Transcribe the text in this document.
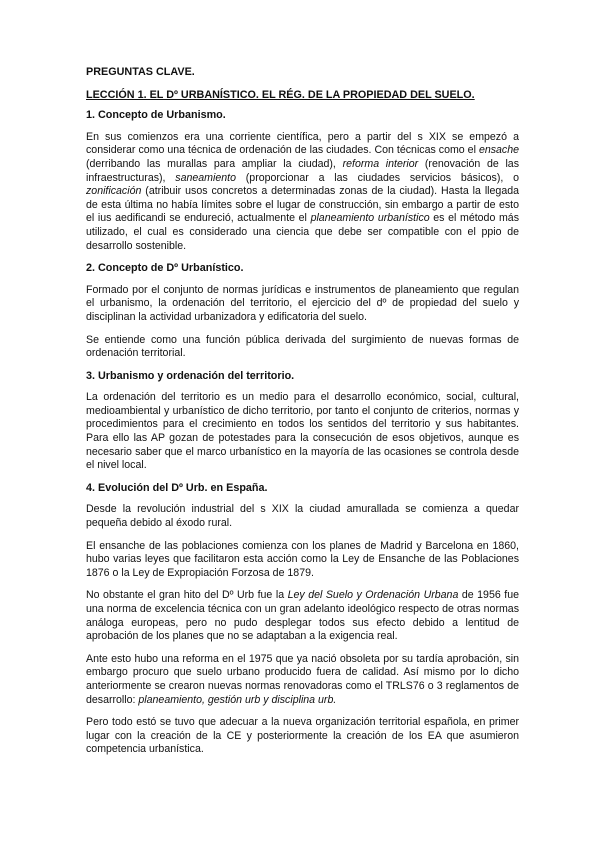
PREGUNTAS CLAVE.
LECCIÓN 1. EL Dº URBANÍSTICO. EL RÉG. DE LA PROPIEDAD DEL SUELO.
1. Concepto de Urbanismo.

En sus comienzos era una corriente científica, pero a partir del s XIX se empezó a considerar como una técnica de ordenación de las ciudades. Con técnicas como el ensache (derribando las murallas para ampliar la ciudad), reforma interior (renovación de las infraestructuras), saneamiento (proporcionar a las ciudades servicios básicos), o zonificación (atribuir usos concretos a determinadas zonas de la ciudad). Hasta la llegada de esta última no había límites sobre el lugar de construcción, sin embargo a partir de esto el ius aedificandi se endureció, actualmente el planeamiento urbanístico es el método más utilizado, el cual es considerado una ciencia que debe ser compatible con el ppio de desarrollo sostenible.

2. Concepto de Dº Urbanístico.

Formado por el conjunto de normas jurídicas e instrumentos de planeamiento que regulan el urbanismo, la ordenación del territorio, el ejercicio del dº de propiedad del suelo y disciplinan la actividad urbanizadora y edificatoria del suelo.

Se entiende como una función pública derivada del surgimiento de nuevas formas de ordenación territorial.

3. Urbanismo y ordenación del territorio.

La ordenación del territorio es un medio para el desarrollo económico, social, cultural, medioambiental y urbanístico de dicho territorio, por tanto el conjunto de criterios, normas y procedimientos para el crecimiento en todos los sentidos del territorio y sus habitantes. Para ello las AP gozan de potestades para la consecución de esos objetivos, aunque es necesario saber que el marco urbanístico en la mayoría de las ocasiones se controla desde el nivel local.

4. Evolución del Dº Urb. en España.

Desde la revolución industrial del s XIX la ciudad amurallada se comienza a quedar pequeña debido al éxodo rural.

El ensanche de las poblaciones comienza con los planes de Madrid y Barcelona en 1860, hubo varias leyes que facilitaron esta acción como la Ley de Ensanche de las Poblaciones 1876 o la Ley de Expropiación Forzosa de 1879.

No obstante el gran hito del Dº Urb fue la Ley del Suelo y Ordenación Urbana de 1956 fue una norma de excelencia técnica con un gran adelanto ideológico respecto de otras normas análoga europeas, pero no pudo desplegar todos sus efecto debido a lentitud de aprobación de los planes que no se adaptaban a la exigencia real.

Ante esto hubo una reforma en el 1975 que ya nació obsoleta por su tardía aprobación, sin embargo procuro que suelo urbano producido fuera de calidad. Así mismo por lo dicho anteriormente se crearon nuevas normas renovadoras como el TRLS76 o 3 reglamentos de desarrollo: planeamiento, gestión urb y disciplina urb.

Pero todo estó se tuvo que adecuar a la nueva organización territorial española, en primer lugar con la creación de la CE y posteriormente la creación de los EA que asumieron competencia urbanística.
